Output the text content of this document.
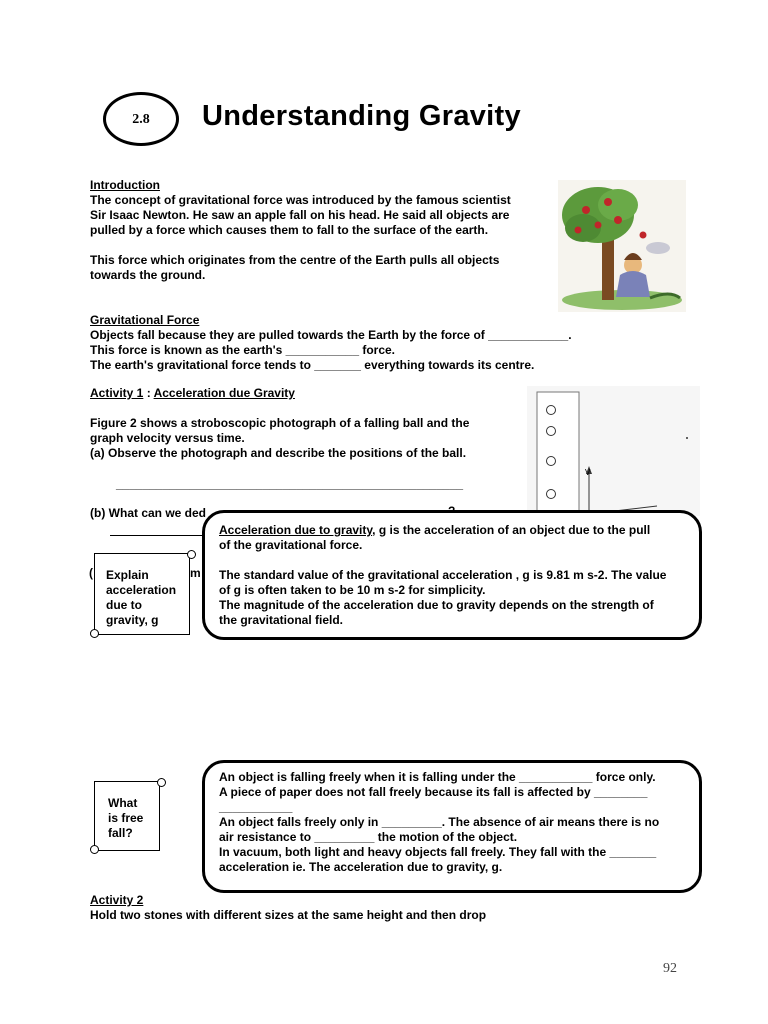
2.8 Understanding Gravity

Introduction

The concept of gravitational force was introduced by the famous scientist

Sir Isaac Newton. He saw an apple fall on his head. He said all objects are

pulled by a force which causes them to fall to the surface of the earth.

This force which originates from the centre of the Earth pulls all objects

towards the ground.

Gravitational Force

Objects fall because they are pulled towards the Earth by the force of ____________.

This force is known as the earth's ___________ force.

The earth's gravitational force tends to _______ everything towards its centre.

Activity 1 : Acceleration due Gravity

Figure 2 shows a stroboscopic photograph of a falling ball and the

graph velocity versus time.

(a) Observe the photograph and describe the positions of the ball.

____________________________________________________

(b) What can we ded
(	m
V

Acceleration due to gravity, g is the acceleration of an object due to the pull

of the gravitational force.

The standard value of the gravitational acceleration , g is 9.81 m s-2. The value

of g is often taken to be 10 m s-2 for simplicity.

The magnitude of the acceleration due to gravity depends on the strength of

the gravitational field.

Explain

acceleration

due to

gravity, g

An object is falling freely when it is falling under the ___________ force only.

A piece of paper does not fall freely because its fall is affected by ________

___________

An object falls freely only in _________. The absence of air means there is no

air resistance to _________ the motion of the object.

In vacuum, both light and heavy objects fall freely. They fall with the _______

acceleration ie. The acceleration due to gravity, g.

What

is free

fall?

Activity 2

Hold two stones with different sizes at the same height and then drop

92
